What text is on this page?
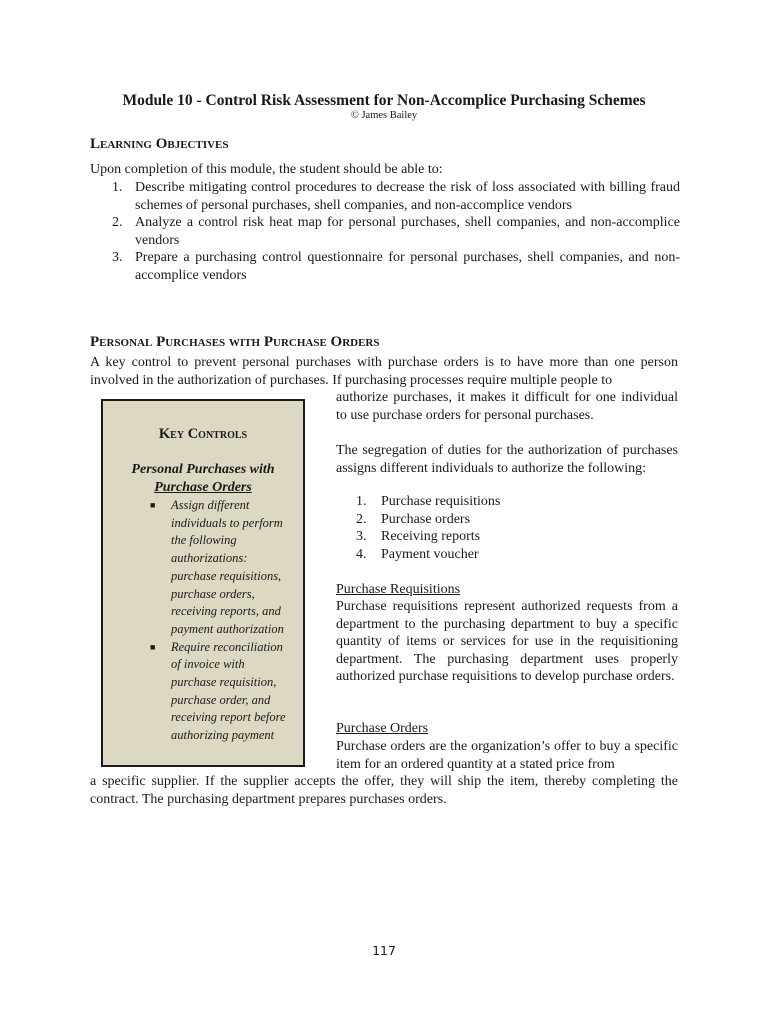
Module 10 - Control Risk Assessment for Non-Accomplice Purchasing Schemes
© James Bailey
Learning Objectives
Upon completion of this module, the student should be able to:
1. Describe mitigating control procedures to decrease the risk of loss associated with billing fraud schemes of personal purchases, shell companies, and non-accomplice vendors
2. Analyze a control risk heat map for personal purchases, shell companies, and non-accomplice vendors
3. Prepare a purchasing control questionnaire for personal purchases, shell companies, and non-accomplice vendors
Personal Purchases with Purchase Orders
A key control to prevent personal purchases with purchase orders is to have more than one person involved in the authorization of purchases. If purchasing processes require multiple people to
Key Controls
Personal Purchases with
Purchase Orders
■ Assign different individuals to perform the following authorizations: purchase requisitions, purchase orders, receiving reports, and payment authorization
■ Require reconciliation of invoice with purchase requisition, purchase order, and receiving report before authorizing payment
authorize purchases, it makes it difficult for one individual to use purchase orders for personal purchases.
The segregation of duties for the authorization of purchases assigns different individuals to authorize the following:
1. Purchase requisitions
2. Purchase orders
3. Receiving reports
4. Payment voucher
Purchase Requisitions
Purchase requisitions represent authorized requests from a department to the purchasing department to buy a specific quantity of items or services for use in the requisitioning department. The purchasing department uses properly authorized purchase requisitions to develop purchase orders.
Purchase Orders
Purchase orders are the organization’s offer to buy a specific item for an ordered quantity at a stated price from
a specific supplier. If the supplier accepts the offer, they will ship the item, thereby completing the contract. The purchasing department prepares purchases orders.
117
